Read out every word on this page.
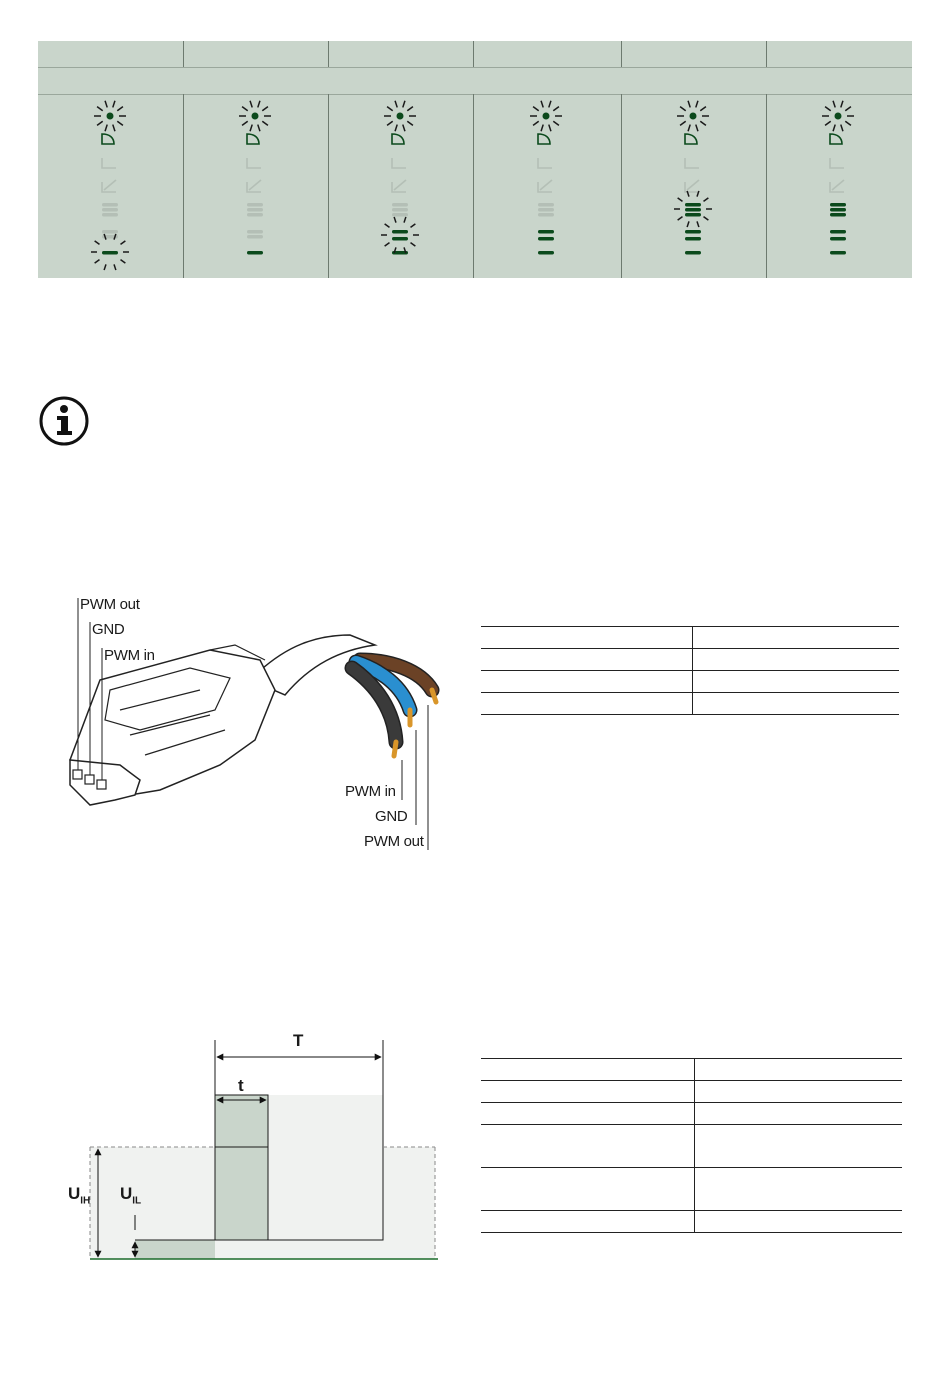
PWM out
GND
PWM in
PWM in
GND
PWM out

T
t
$U_{IH}$ $U_{IL}$
